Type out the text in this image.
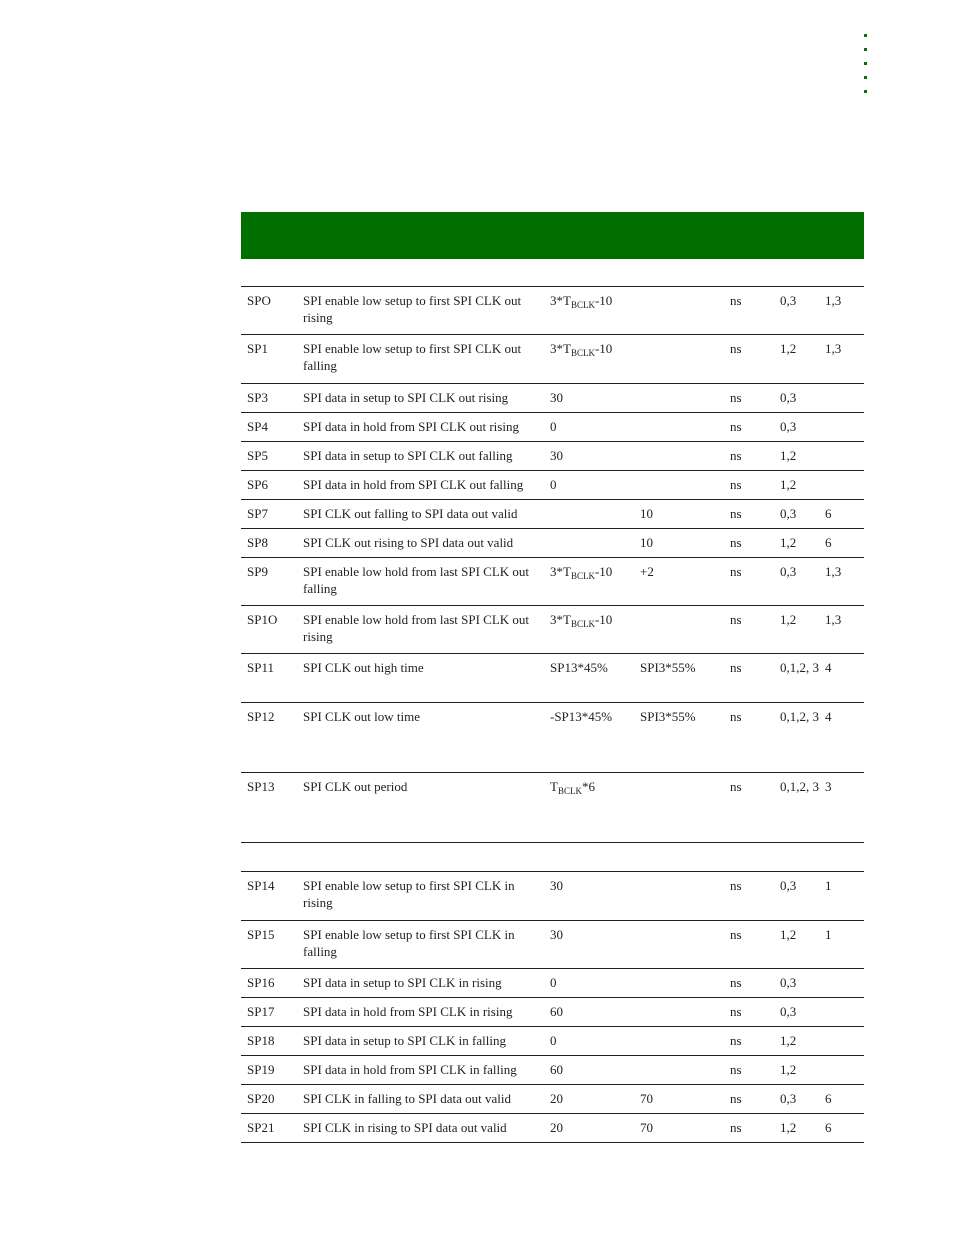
SPO	SPI enable low setup to first SPI CLK out rising	$3*T_{BCLK}-10$		ns	0,3	1,3
SP1	SPI enable low setup to first SPI CLK out falling	$3*T_{BCLK}-10$		ns	1,2	1,3
SP3	SPI data in setup to SPI CLK out rising	30		ns	0,3	
SP4	SPI data in hold from SPI CLK out rising	0		ns	0,3	
SP5	SPI data in setup to SPI CLK out falling	30		ns	1,2	
SP6	SPI data in hold from SPI CLK out falling	0		ns	1,2	
SP7	SPI CLK out falling to SPI data out valid		10	ns	0,3	6
SP8	SPI CLK out rising to SPI data out valid		10	ns	1,2	6
SP9	SPI enable low hold from last SPI CLK out falling	$3*T_{BCLK}-10$	+2	ns	0,3	1,3
SP1O	SPI enable low hold from last SPI CLK out rising	$3*T_{BCLK}-10$		ns	1,2	1,3
SP11	SPI CLK out high time	SP13*45%	SPI3*55%	ns	0,1,2, 3	4
SP12	SPI CLK out low time	-SP13*45%	SPI3*55%	ns	0,1,2, 3	4
SP13	SPI CLK out period	$T_{BCLK}*6$		ns	0,1,2, 3	3

SP14	SPI enable low setup to first SPI CLK in rising	30		ns	0,3	1
SP15	SPI enable low setup to first SPI CLK in falling	30		ns	1,2	1
SP16	SPI data in setup to SPI CLK in rising	0		ns	0,3	
SP17	SPI data in hold from SPI CLK in rising	60		ns	0,3	
SP18	SPI data in setup to SPI CLK in falling	0		ns	1,2	
SP19	SPI data in hold from SPI CLK in falling	60		ns	1,2	
SP20	SPI CLK in falling to SPI data out valid	20	70	ns	0,3	6
SP21	SPI CLK in rising to SPI data out valid	20	70	ns	1,2	6
